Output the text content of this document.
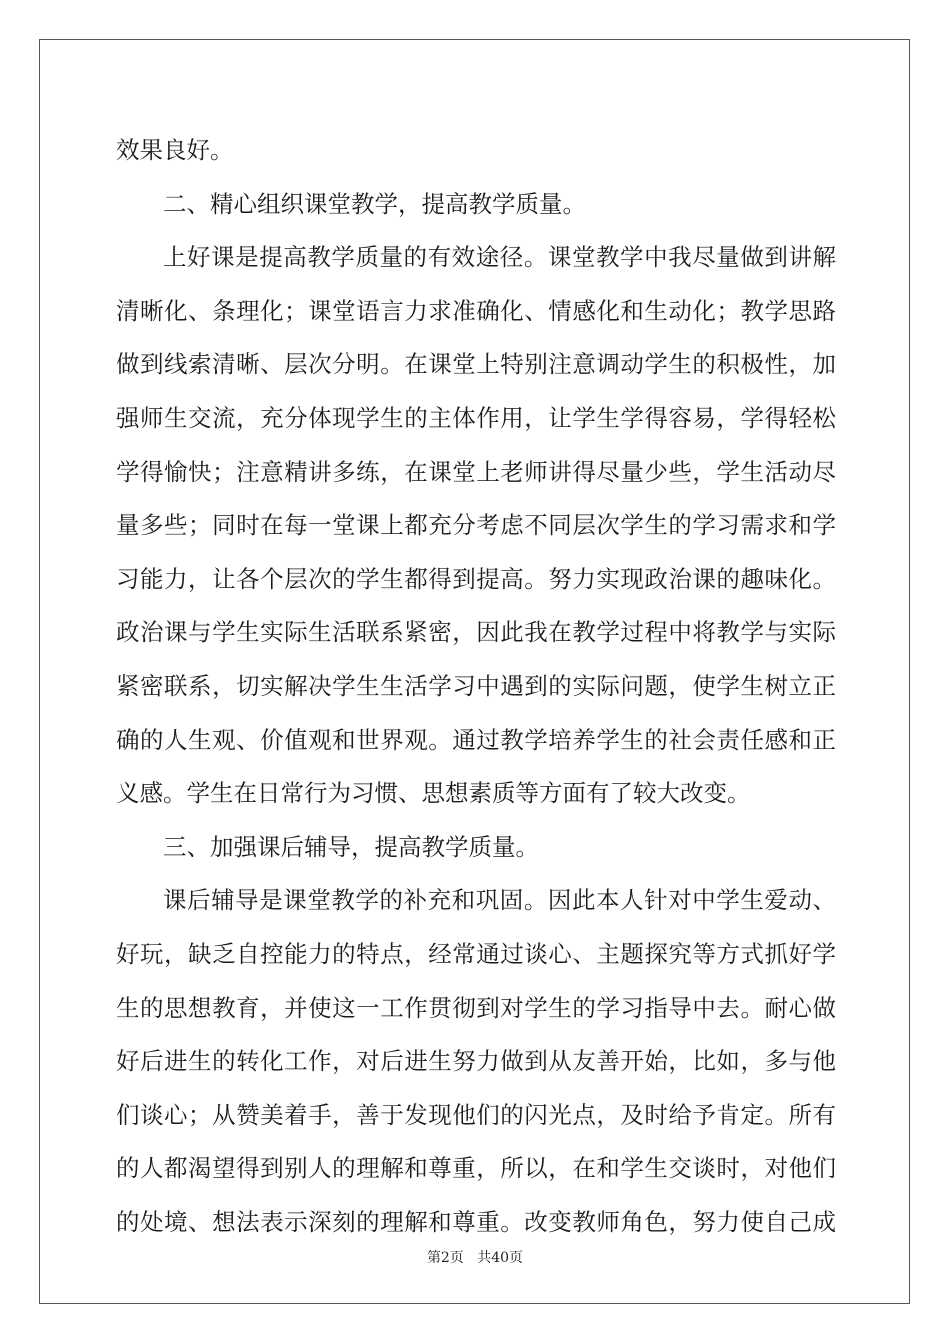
效果良好。
二、精心组织课堂教学，提高教学质量。
上好课是提高教学质量的有效途径。课堂教学中我尽量做到讲解
清晰化、条理化；课堂语言力求准确化、情感化和生动化；教学思路
做到线索清晰、层次分明。在课堂上特别注意调动学生的积极性，加
强师生交流，充分体现学生的主体作用，让学生学得容易，学得轻松
学得愉快；注意精讲多练，在课堂上老师讲得尽量少些，学生活动尽
量多些；同时在每一堂课上都充分考虑不同层次学生的学习需求和学
习能力，让各个层次的学生都得到提高。努力实现政治课的趣味化。
政治课与学生实际生活联系紧密，因此我在教学过程中将教学与实际
紧密联系，切实解决学生生活学习中遇到的实际问题，使学生树立正
确的人生观、价值观和世界观。通过教学培养学生的社会责任感和正
义感。学生在日常行为习惯、思想素质等方面有了较大改变。
三、加强课后辅导，提高教学质量。
课后辅导是课堂教学的补充和巩固。因此本人针对中学生爱动、
好玩，缺乏自控能力的特点，经常通过谈心、主题探究等方式抓好学
生的思想教育，并使这一工作贯彻到对学生的学习指导中去。耐心做
好后进生的转化工作，对后进生努力做到从友善开始，比如，多与他
们谈心；从赞美着手，善于发现他们的闪光点，及时给予肯定。所有
的人都渴望得到别人的理解和尊重，所以，在和学生交谈时，对他们
的处境、想法表示深刻的理解和尊重。改变教师角色，努力使自己成
第2页 共40页
